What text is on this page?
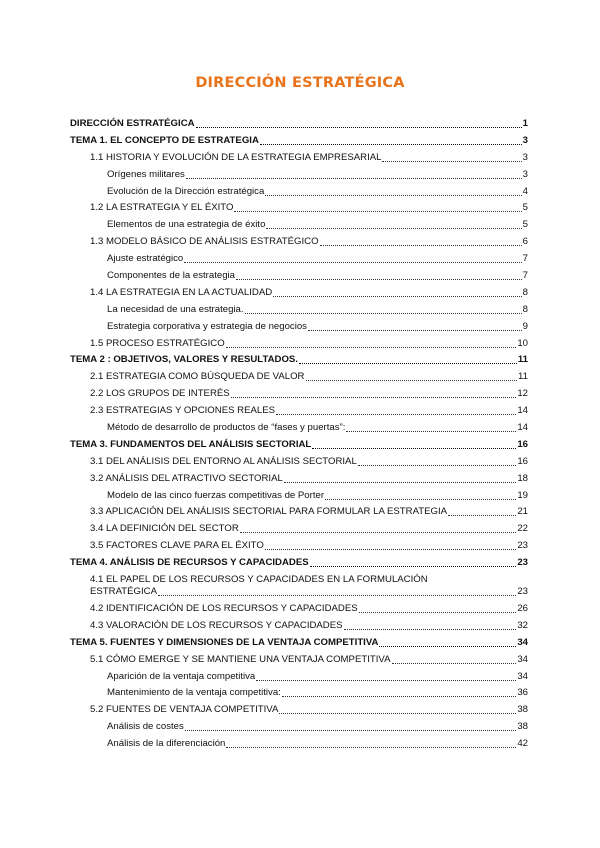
DIRECCIÓN ESTRATÉGICA
DIRECCIÓN ESTRATÉGICA	1
TEMA 1. EL CONCEPTO DE ESTRATEGIA	3
1.1 HISTORIA Y EVOLUCIÓN DE LA ESTRATEGIA EMPRESARIAL	3
Orígenes militares	3
Evolución de la Dirección estratégica	4
1.2 LA ESTRATEGIA Y EL ÉXITO	5
Elementos de una estrategia de éxito	5
1.3 MODELO BÁSICO DE ANÁLISIS ESTRATÉGICO	6
Ajuste estratégico	7
Componentes de la estrategia	7
1.4 LA ESTRATEGIA EN LA ACTUALIDAD	8
La necesidad de una estrategia.	8
Estrategia corporativa y estrategia de negocios	9
1.5 PROCESO ESTRATÉGICO	10
TEMA 2 : OBJETIVOS, VALORES Y RESULTADOS.	11
2.1 ESTRATEGIA COMO BÚSQUEDA DE VALOR	11
2.2 LOS GRUPOS DE INTERÉS	12
2.3 ESTRATEGIAS Y OPCIONES REALES	14
Método de desarrollo de productos de “fases y puertas”:	14
TEMA 3. FUNDAMENTOS DEL ANÁLISIS SECTORIAL	16
3.1 DEL ANÁLISIS DEL ENTORNO AL ANÁLISIS SECTORIAL	16
3.2 ANÁLISIS DEL ATRACTIVO SECTORIAL	18
Modelo de las cinco fuerzas competitivas de Porter	19
3.3 APLICACIÓN DEL ANÁLISIS SECTORIAL PARA FORMULAR LA ESTRATEGIA	21
3.4 LA DEFINICIÓN DEL SECTOR	22
3.5 FACTORES CLAVE PARA EL ÉXITO	23
TEMA 4. ANÁLISIS DE RECURSOS Y CAPACIDADES	23
4.1 EL PAPEL DE LOS RECURSOS Y CAPACIDADES EN LA FORMULACIÓN
ESTRATÉGICA	23
4.2 IDENTIFICACIÓN DE LOS RECURSOS Y CAPACIDADES	26
4.3 VALORACIÓN DE LOS RECURSOS Y CAPACIDADES	32
TEMA 5. FUENTES Y DIMENSIONES DE LA VENTAJA COMPETITIVA	34
5.1 CÓMO EMERGE Y SE MANTIENE UNA VENTAJA COMPETITIVA	34
Aparición de la ventaja competitiva	34
Mantenimiento de la ventaja competitiva:	36
5.2 FUENTES DE VENTAJA COMPETITIVA	38
Análisis de costes	38
Análisis de la diferenciación	42
